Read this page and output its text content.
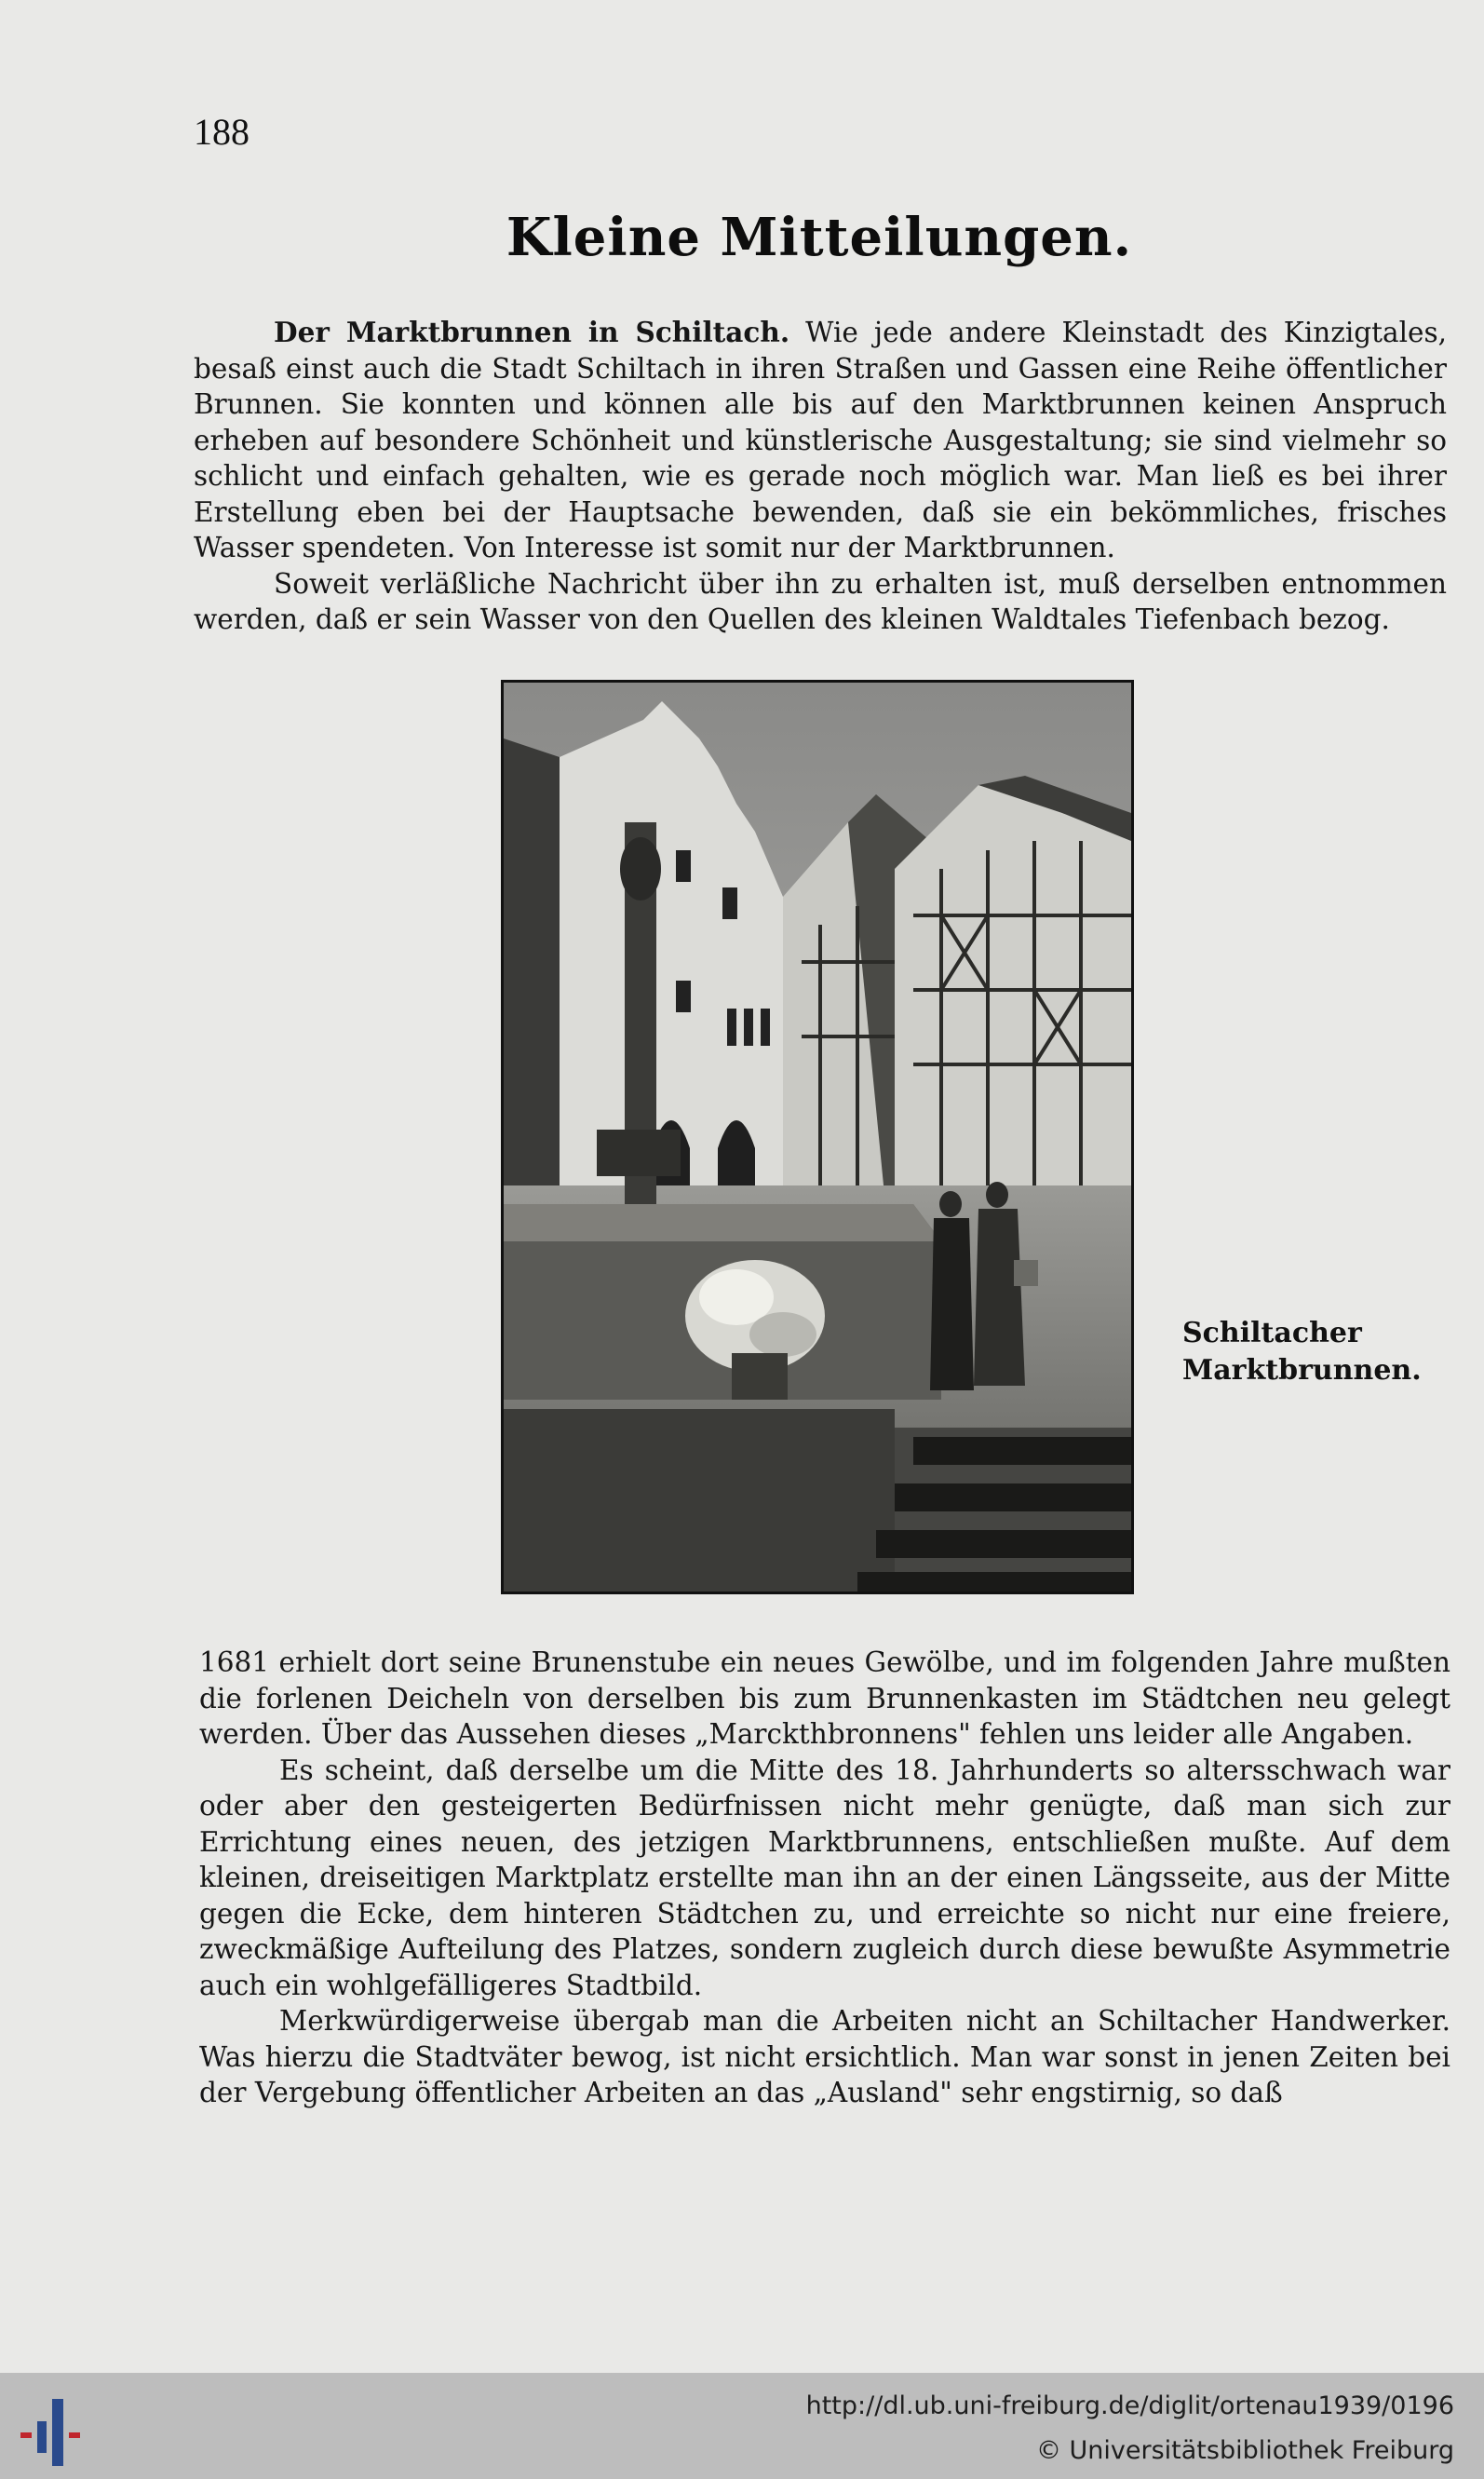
188
Kleine Mitteilungen.

Der Marktbrunnen in Schiltach. Wie jede andere Kleinstadt des Kinzigtales, besaß einst auch die Stadt Schiltach in ihren Straßen und Gassen eine Reihe öffentlicher Brunnen. Sie konnten und können alle bis auf den Marktbrunnen keinen Anspruch erheben auf besondere Schönheit und künstlerische Ausgestaltung; sie sind vielmehr so schlicht und einfach gehalten, wie es gerade noch möglich war. Man ließ es bei ihrer Erstellung eben bei der Hauptsache bewenden, daß sie ein bekömmliches, frisches Wasser spendeten. Von Interesse ist somit nur der Marktbrunnen.

Soweit verläßliche Nachricht über ihn zu erhalten ist, muß derselben entnommen werden, daß er sein Wasser von den Quellen des kleinen Waldtales Tiefenbach bezog.

Schiltacher
Marktbrunnen.

1681 erhielt dort seine Brunenstube ein neues Gewölbe, und im folgenden Jahre mußten die forlenen Deicheln von derselben bis zum Brunnenkasten im Städtchen neu gelegt werden. Über das Aussehen dieses „Marckthbronnens" fehlen uns leider alle Angaben.

Es scheint, daß derselbe um die Mitte des 18. Jahrhunderts so altersschwach war oder aber den gesteigerten Bedürfnissen nicht mehr genügte, daß man sich zur Errichtung eines neuen, des jetzigen Marktbrunnens, entschließen mußte. Auf dem kleinen, dreiseitigen Marktplatz erstellte man ihn an der einen Längsseite, aus der Mitte gegen die Ecke, dem hinteren Städtchen zu, und erreichte so nicht nur eine freiere, zweckmäßige Aufteilung des Platzes, sondern zugleich durch diese bewußte Asymmetrie auch ein wohlgefälligeres Stadtbild.

Merkwürdigerweise übergab man die Arbeiten nicht an Schiltacher Handwerker. Was hierzu die Stadtväter bewog, ist nicht ersichtlich. Man war sonst in jenen Zeiten bei der Vergebung öffentlicher Arbeiten an das „Ausland" sehr engstirnig, so daß

http://dl.ub.uni-freiburg.de/diglit/ortenau1939/0196
© Universitätsbibliothek Freiburg
